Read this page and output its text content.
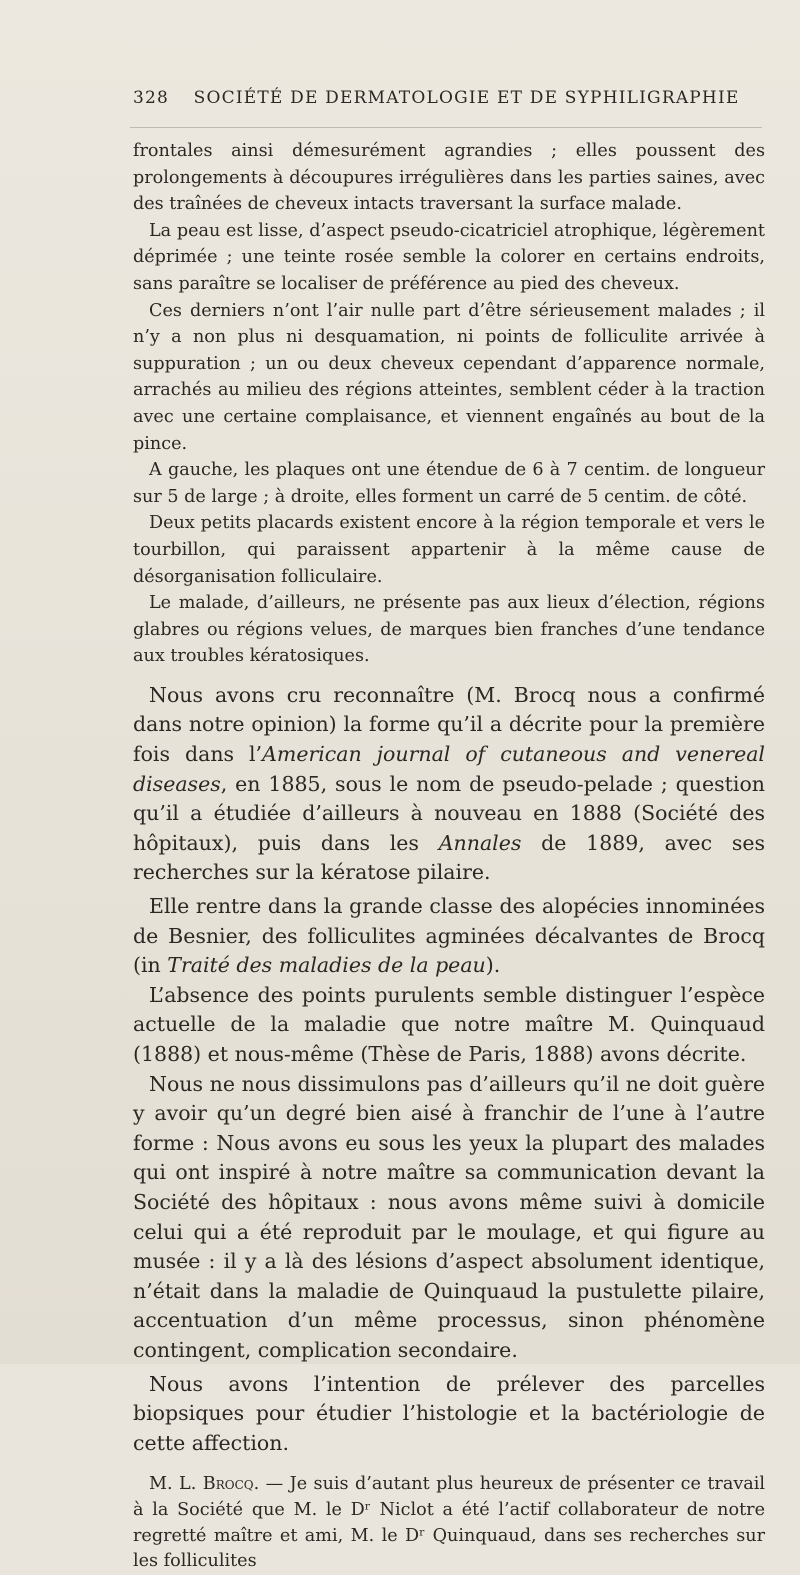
328 SOCIÉTÉ DE DERMATOLOGIE ET DE SYPHILIGRAPHIE

frontales ainsi démesurément agrandies ; elles poussent des prolongements à découpures irrégulières dans les parties saines, avec des traînées de cheveux intacts traversant la surface malade.

La peau est lisse, d’aspect pseudo-cicatriciel atrophique, légèrement déprimée ; une teinte rosée semble la colorer en certains endroits, sans paraître se localiser de préférence au pied des cheveux.

Ces derniers n’ont l’air nulle part d’être sérieusement malades ; il n’y a non plus ni desquamation, ni points de folliculite arrivée à suppuration ; un ou deux cheveux cependant d’apparence normale, arrachés au milieu des régions atteintes, semblent céder à la traction avec une certaine complaisance, et viennent engaînés au bout de la pince.

A gauche, les plaques ont une étendue de 6 à 7 centim. de longueur sur 5 de large ; à droite, elles forment un carré de 5 centim. de côté.

Deux petits placards existent encore à la région temporale et vers le tourbillon, qui paraissent appartenir à la même cause de désorganisation folliculaire.

Le malade, d’ailleurs, ne présente pas aux lieux d’élection, régions glabres ou régions velues, de marques bien franches d’une tendance aux troubles kératosiques.

Nous avons cru reconnaître (M. Brocq nous a confirmé dans notre opinion) la forme qu’il a décrite pour la première fois dans l’American journal of cutaneous and venereal diseases, en 1885, sous le nom de pseudo-pelade ; question qu’il a étudiée d’ailleurs à nouveau en 1888 (Société des hôpitaux), puis dans les Annales de 1889, avec ses recherches sur la kératose pilaire.

Elle rentre dans la grande classe des alopécies innominées de Besnier, des folliculites agminées décalvantes de Brocq (in Traité des maladies de la peau).

L’absence des points purulents semble distinguer l’espèce actuelle de la maladie que notre maître M. Quinquaud (1888) et nous-même (Thèse de Paris, 1888) avons décrite.

Nous ne nous dissimulons pas d’ailleurs qu’il ne doit guère y avoir qu’un degré bien aisé à franchir de l’une à l’autre forme : Nous avons eu sous les yeux la plupart des malades qui ont inspiré à notre maître sa communication devant la Société des hôpitaux : nous avons même suivi à domicile celui qui a été reproduit par le moulage, et qui figure au musée : il y a là des lésions d’aspect absolument identique, n’était dans la maladie de Quinquaud la pustulette pilaire, accentuation d’un même processus, sinon phénomène contingent, complication secondaire.

Nous avons l’intention de prélever des parcelles biopsiques pour étudier l’histologie et la bactériologie de cette affection.

M. L. Brocq. — Je suis d’autant plus heureux de présenter ce travail à la Société que M. le Dʳ Niclot a été l’actif collaborateur de notre regretté maître et ami, M. le Dʳ Quinquaud, dans ses recherches sur les folliculites
